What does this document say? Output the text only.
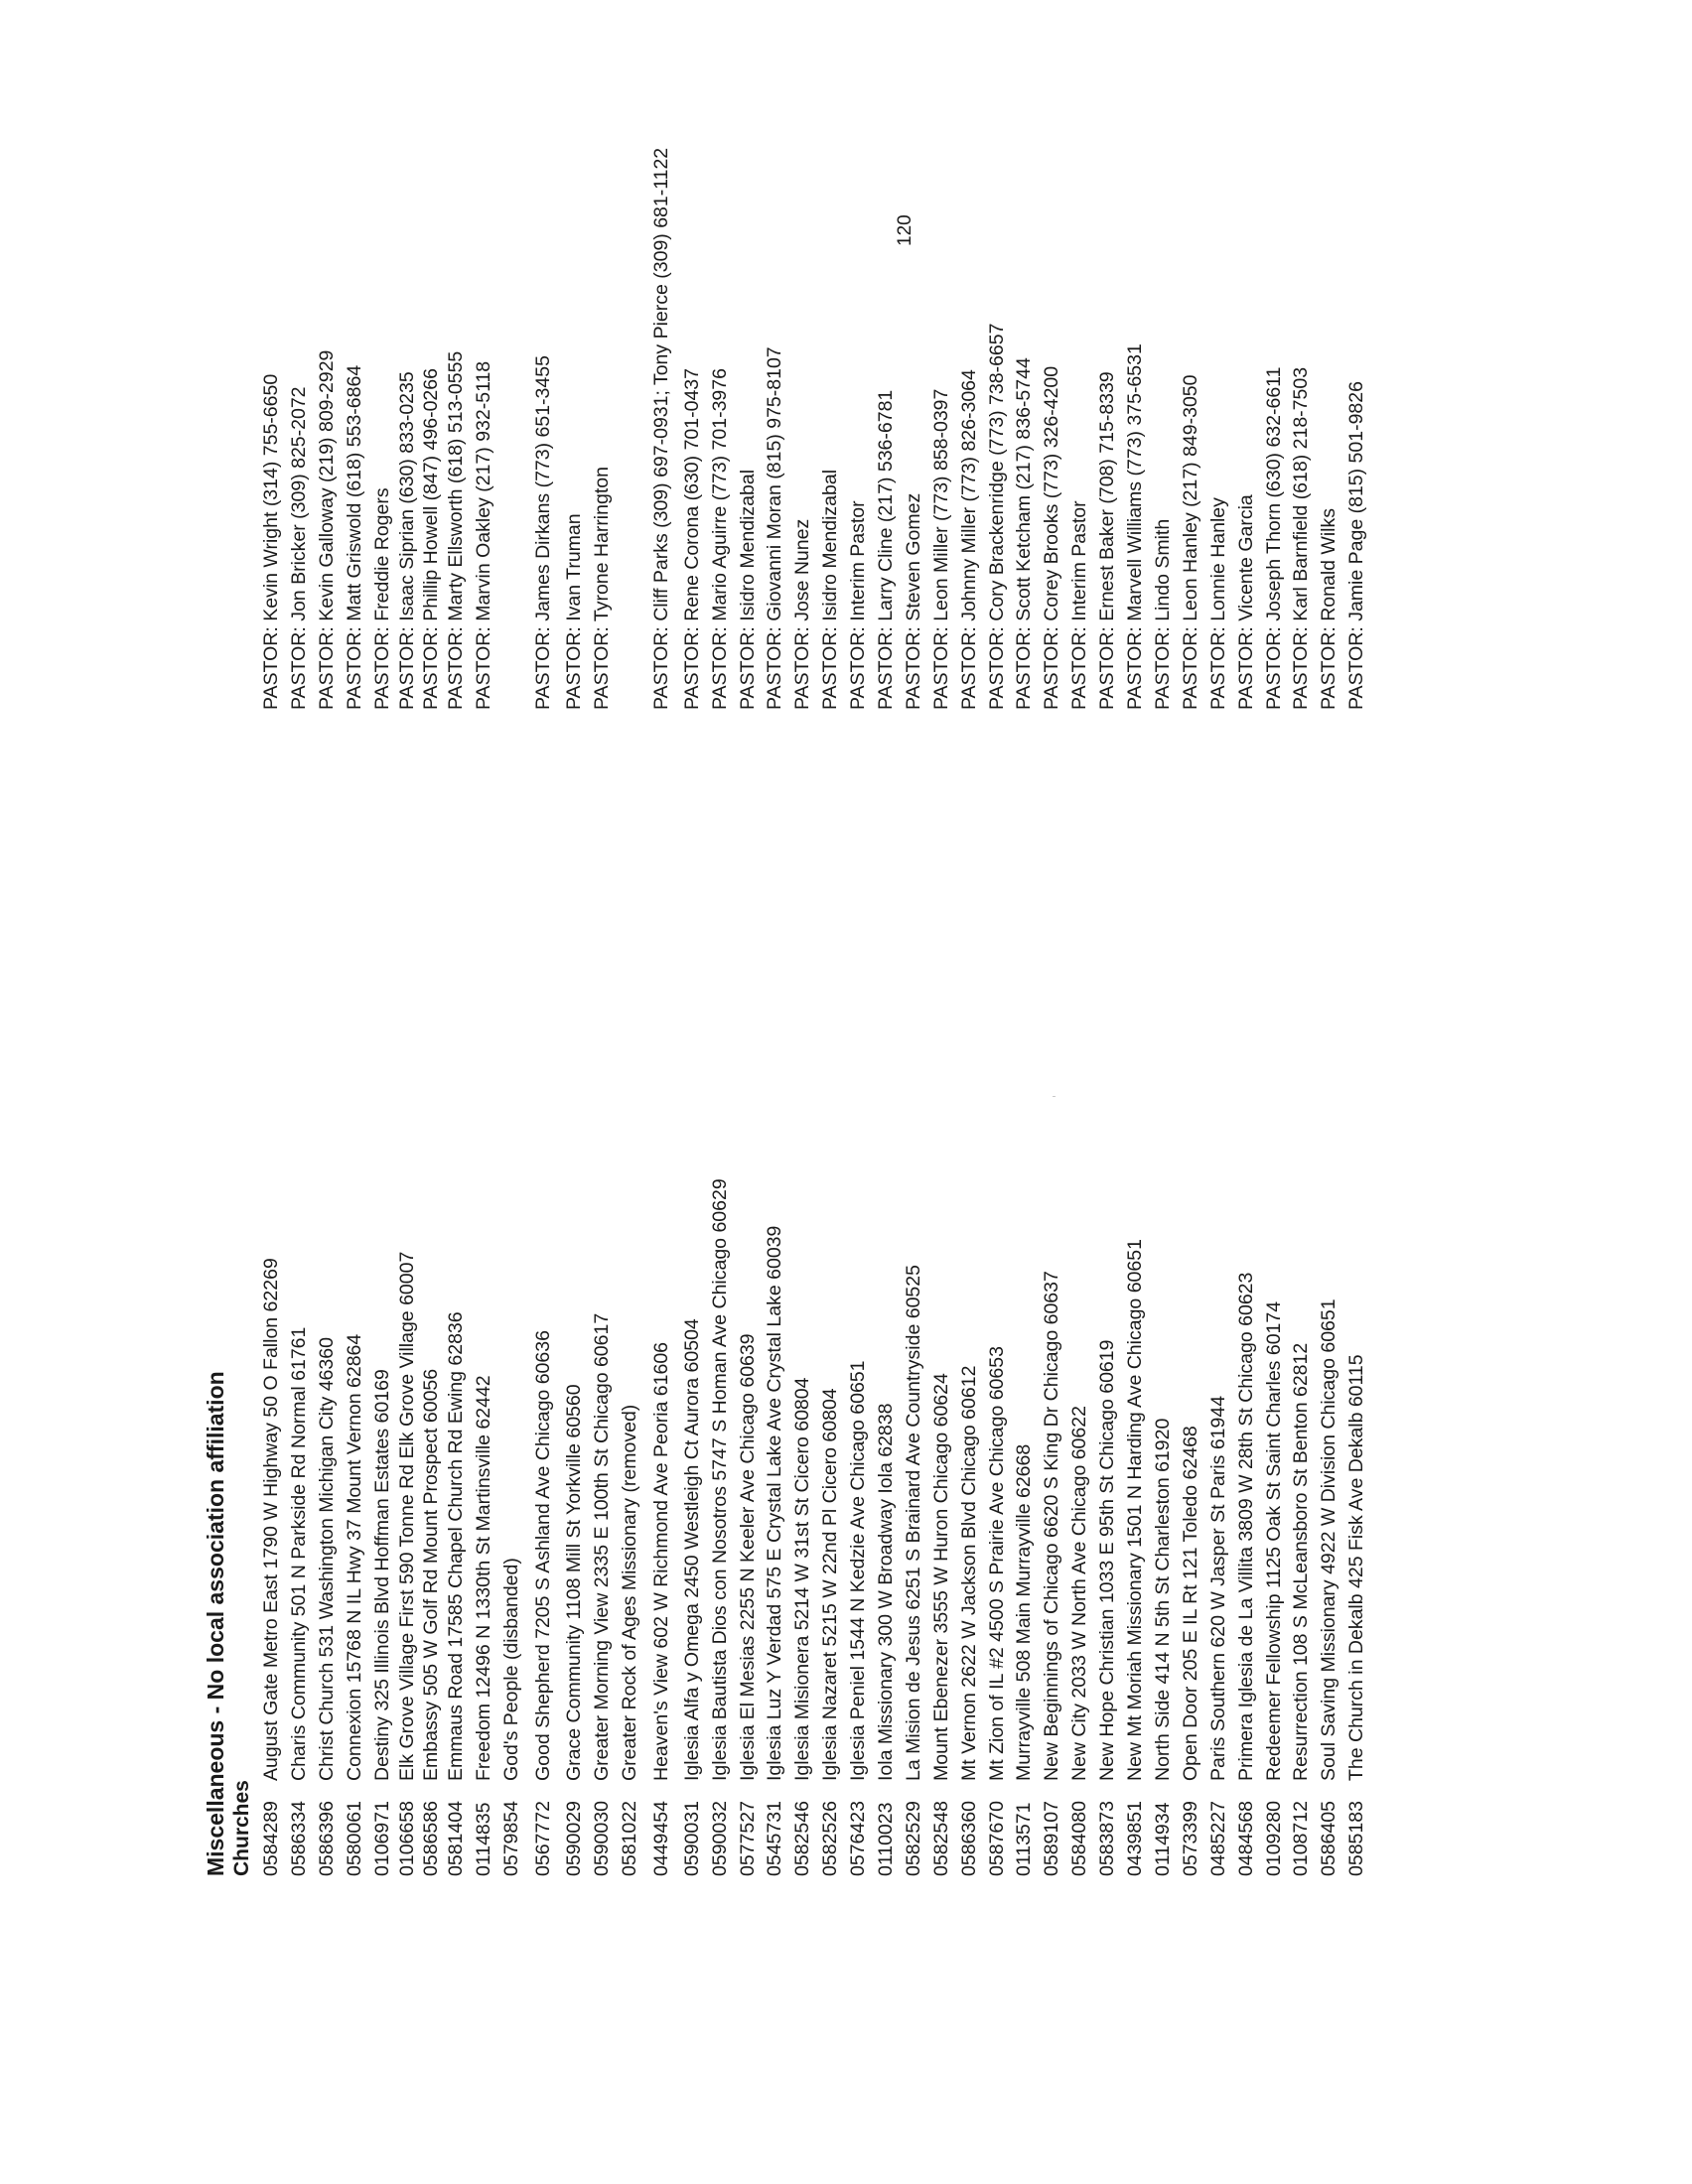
120
Miscellaneous - No local association affiliation Churches 0584289
August Gate Metro East 1790 W Highway 50 O Fallon 62269
PASTOR: Kevin Wright (314) 755-6650
0586334
Charis Community 501 N Parkside Rd Normal 61761
PASTOR: Jon Bricker (309) 825-2072
0586396
Christ Church 531 Washington Michigan City 46360
PASTOR: Kevin Galloway (219) 809-2929
0580061
Connexion 15768 N IL Hwy 37 Mount Vernon 62864
PASTOR: Matt Griswold (618) 553-6864
0106971
Destiny 325 Illinois Blvd Hoffman Estates 60169
PASTOR: Freddie Rogers
0106658
Elk Grove Village First 590 Tonne Rd Elk Grove Village 60007
PASTOR: Isaac Siprian (630) 833-0235
0586586
Embassy 505 W Golf Rd Mount Prospect 60056
PASTOR: Phillip Howell (847) 496-0266
0581404
Emmaus Road 17585 Chapel Church Rd Ewing 62836
PASTOR: Marty Ellsworth (618) 513-0555
0114835
Freedom 12496 N 1330th St Martinsville 62442
PASTOR: Marvin Oakley (217) 932-5118
0579854
God's People (disbanded)
0567772
Good Shepherd 7205 S Ashland Ave Chicago 60636
PASTOR: James Dirkans (773) 651-3455
0590029
Grace Community 1108 Mill St Yorkville 60560
PASTOR: Ivan Truman
0590030
Greater Morning View 2335 E 100th St Chicago 60617
PASTOR: Tyrone Harrington
0581022
Greater Rock of Ages Missionary (removed)
0449454
Heaven's View 602 W Richmond Ave Peoria 61606
PASTOR: Cliff Parks (309) 697-0931; Tony Pierce (309) 681-1122
0590031
Iglesia Alfa y Omega 2450 Westleigh Ct Aurora 60504
PASTOR: Rene Corona (630) 701-0437
0590032
Iglesia Bautista Dios con Nosotros 5747 S Homan Ave Chicago 60629
PASTOR: Mario Aguirre (773) 701-3976
0577527
Iglesia El Mesias 2255 N Keeler Ave Chicago 60639
PASTOR: Isidro Mendizabal
0545731
Iglesia Luz Y Verdad 575 E Crystal Lake Ave Crystal Lake 60039
PASTOR: Giovanni Moran (815) 975-8107
0582546
Iglesia Misionera 5214 W 31st St Cicero 60804
PASTOR: Jose Nunez
0582526
Iglesia Nazaret 5215 W 22nd Pl Cicero 60804
PASTOR: Isidro Mendizabal
0576423
Iglesia Peniel 1544 N Kedzie Ave Chicago 60651
PASTOR: Interim Pastor
0110023
Iola Missionary 300 W Broadway Iola 62838
PASTOR: Larry Cline (217) 536-6781
0582529
La Mision de Jesus 6251 S Brainard Ave Countryside 60525
PASTOR: Steven Gomez
0582548
Mount Ebenezer 3555 W Huron Chicago 60624
PASTOR: Leon Miller (773) 858-0397
0586360
Mt Vernon 2622 W Jackson Blvd Chicago 60612
PASTOR: Johnny Miller (773) 826-3064
0587670
Mt Zion of IL #2 4500 S Prairie Ave Chicago 60653
PASTOR: Cory Brackenridge (773) 738-6657
0113571
Murrayville 508 Main Murrayville 62668
PASTOR: Scott Ketcham (217) 836-5744
0589107
New Beginnings of Chicago 6620 S King Dr Chicago 60637
PASTOR: Corey Brooks (773) 326-4200
0584080
New City 2033 W North Ave Chicago 60622
PASTOR: Interim Pastor
0583873
New Hope Christian 1033 E 95th St Chicago 60619
PASTOR: Ernest Baker (708) 715-8339
0439851
New Mt Moriah Missionary 1501 N Harding Ave Chicago 60651
PASTOR: Marvell Williams (773) 375-6531
0114934
North Side 414 N 5th St Charleston 61920
PASTOR: Lindo Smith
0573399
Open Door 205 E IL Rt 121 Toledo 62468
PASTOR: Leon Hanley (217) 849-3050
0485227
Paris Southern 620 W Jasper St Paris 61944
PASTOR: Lonnie Hanley
0484568
Primera Iglesia de La Villita 3809 W 28th St Chicago 60623
PASTOR: Vicente Garcia
0109280
Redeemer Fellowship 1125 Oak St Saint Charles 60174
PASTOR: Joseph Thorn (630) 632-6611
0108712
Resurrection 108 S McLeansboro St Benton 62812
PASTOR: Karl Barnfield (618) 218-7503
0586405
Soul Saving Missionary 4922 W Division Chicago 60651
PASTOR: Ronald Wilks
0585183
The Church in Dekalb 425 Fisk Ave Dekalb 60115
PASTOR: Jamie Page (815) 501-9826
